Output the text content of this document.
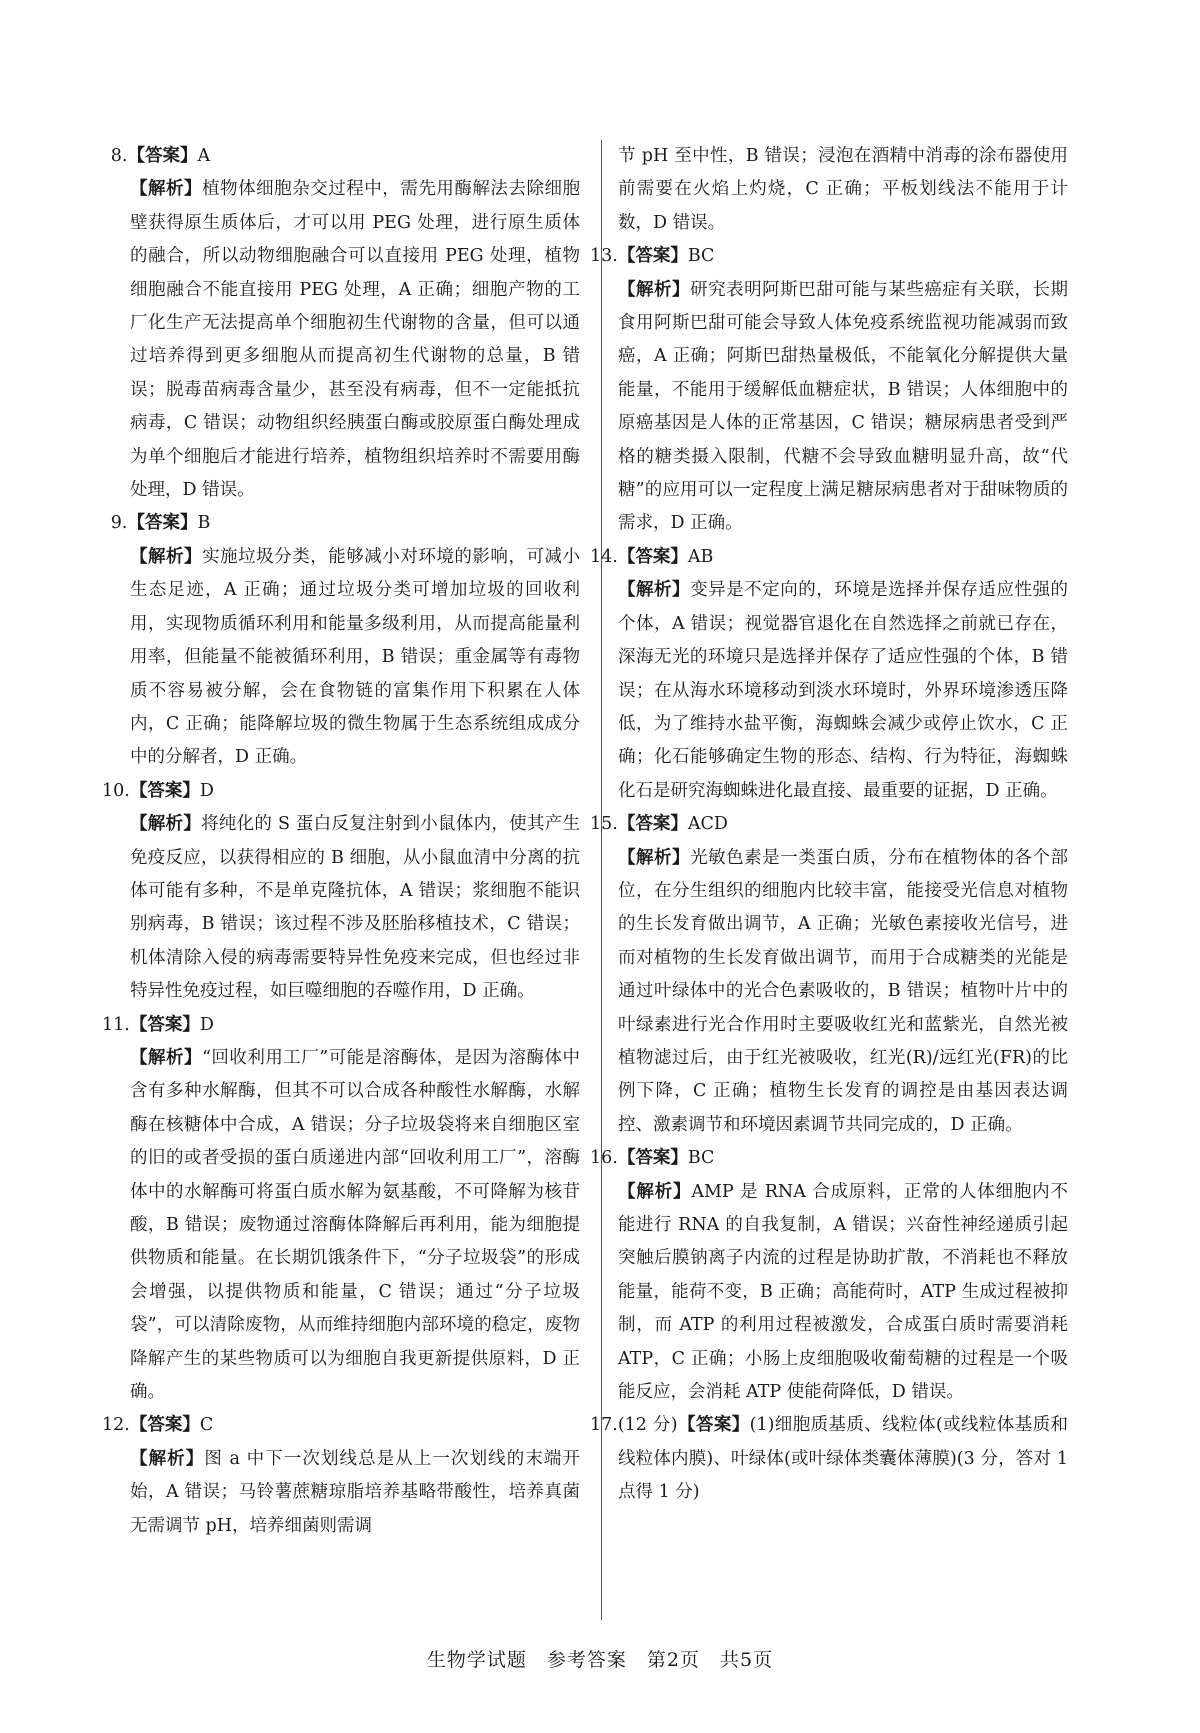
8.【答案】A
【解析】植物体细胞杂交过程中，需先用酶解法去除细胞壁获得原生质体后，才可以用 PEG 处理，进行原生质体的融合，所以动物细胞融合可以直接用 PEG 处理，植物细胞融合不能直接用 PEG 处理，A 正确；细胞产物的工厂化生产无法提高单个细胞初生代谢物的含量，但可以通过培养得到更多细胞从而提高初生代谢物的总量，B 错误；脱毒苗病毒含量少，甚至没有病毒，但不一定能抵抗病毒，C 错误；动物组织经胰蛋白酶或胶原蛋白酶处理成为单个细胞后才能进行培养，植物组织培养时不需要用酶处理，D 错误。
9.【答案】B
【解析】实施垃圾分类，能够减小对环境的影响，可减小生态足迹，A 正确；通过垃圾分类可增加垃圾的回收利用，实现物质循环利用和能量多级利用，从而提高能量利用率，但能量不能被循环利用，B 错误；重金属等有毒物质不容易被分解，会在食物链的富集作用下积累在人体内，C 正确；能降解垃圾的微生物属于生态系统组成成分中的分解者，D 正确。
10.【答案】D
【解析】将纯化的 S 蛋白反复注射到小鼠体内，使其产生免疫反应，以获得相应的 B 细胞，从小鼠血清中分离的抗体可能有多种，不是单克隆抗体，A 错误；浆细胞不能识别病毒，B 错误；该过程不涉及胚胎移植技术，C 错误；机体清除入侵的病毒需要特异性免疫来完成，但也经过非特异性免疫过程，如巨噬细胞的吞噬作用，D 正确。
11.【答案】D
【解析】“回收利用工厂”可能是溶酶体，是因为溶酶体中含有多种水解酶，但其不可以合成各种酸性水解酶，水解酶在核糖体中合成，A 错误；分子垃圾袋将来自细胞区室的旧的或者受损的蛋白质递进内部“回收利用工厂”，溶酶体中的水解酶可将蛋白质水解为氨基酸，不可降解为核苷酸，B 错误；废物通过溶酶体降解后再利用，能为细胞提供物质和能量。在长期饥饿条件下，“分子垃圾袋”的形成会增强，以提供物质和能量，C 错误；通过“分子垃圾袋”，可以清除废物，从而维持细胞内部环境的稳定，废物降解产生的某些物质可以为细胞自我更新提供原料，D 正确。
12.【答案】C
【解析】图 a 中下一次划线总是从上一次划线的末端开始，A 错误；马铃薯蔗糖琼脂培养基略带酸性，培养真菌无需调节 pH，培养细菌则需调
节 pH 至中性，B 错误；浸泡在酒精中消毒的涂布器使用前需要在火焰上灼烧，C 正确；平板划线法不能用于计数，D 错误。
13.【答案】BC
【解析】研究表明阿斯巴甜可能与某些癌症有关联，长期食用阿斯巴甜可能会导致人体免疫系统监视功能减弱而致癌，A 正确；阿斯巴甜热量极低，不能氧化分解提供大量能量，不能用于缓解低血糖症状，B 错误；人体细胞中的原癌基因是人体的正常基因，C 错误；糖尿病患者受到严格的糖类摄入限制，代糖不会导致血糖明显升高，故“代糖”的应用可以一定程度上满足糖尿病患者对于甜味物质的需求，D 正确。
14.【答案】AB
【解析】变异是不定向的，环境是选择并保存适应性强的个体，A 错误；视觉器官退化在自然选择之前就已存在，深海无光的环境只是选择并保存了适应性强的个体，B 错误；在从海水环境移动到淡水环境时，外界环境渗透压降低，为了维持水盐平衡，海蜘蛛会减少或停止饮水，C 正确；化石能够确定生物的形态、结构、行为特征，海蜘蛛化石是研究海蜘蛛进化最直接、最重要的证据，D 正确。
15.【答案】ACD
【解析】光敏色素是一类蛋白质，分布在植物体的各个部位，在分生组织的细胞内比较丰富，能接受光信息对植物的生长发育做出调节，A 正确；光敏色素接收光信号，进而对植物的生长发育做出调节，而用于合成糖类的光能是通过叶绿体中的光合色素吸收的，B 错误；植物叶片中的叶绿素进行光合作用时主要吸收红光和蓝紫光，自然光被植物滤过后，由于红光被吸收，红光(R)/远红光(FR)的比例下降，C 正确；植物生长发育的调控是由基因表达调控、激素调节和环境因素调节共同完成的，D 正确。
16.【答案】BC
【解析】AMP 是 RNA 合成原料，正常的人体细胞内不能进行 RNA 的自我复制，A 错误；兴奋性神经递质引起突触后膜钠离子内流的过程是协助扩散，不消耗也不释放能量，能荷不变，B 正确；高能荷时，ATP 生成过程被抑制，而 ATP 的利用过程被激发，合成蛋白质时需要消耗 ATP，C 正确；小肠上皮细胞吸收葡萄糖的过程是一个吸能反应，会消耗 ATP 使能荷降低，D 错误。
17.(12 分)【答案】(1)细胞质基质、线粒体(或线粒体基质和线粒体内膜)、叶绿体(或叶绿体类囊体薄膜)(3 分，答对 1 点得 1 分)
生物学试题 参考答案 第2页 共5页
